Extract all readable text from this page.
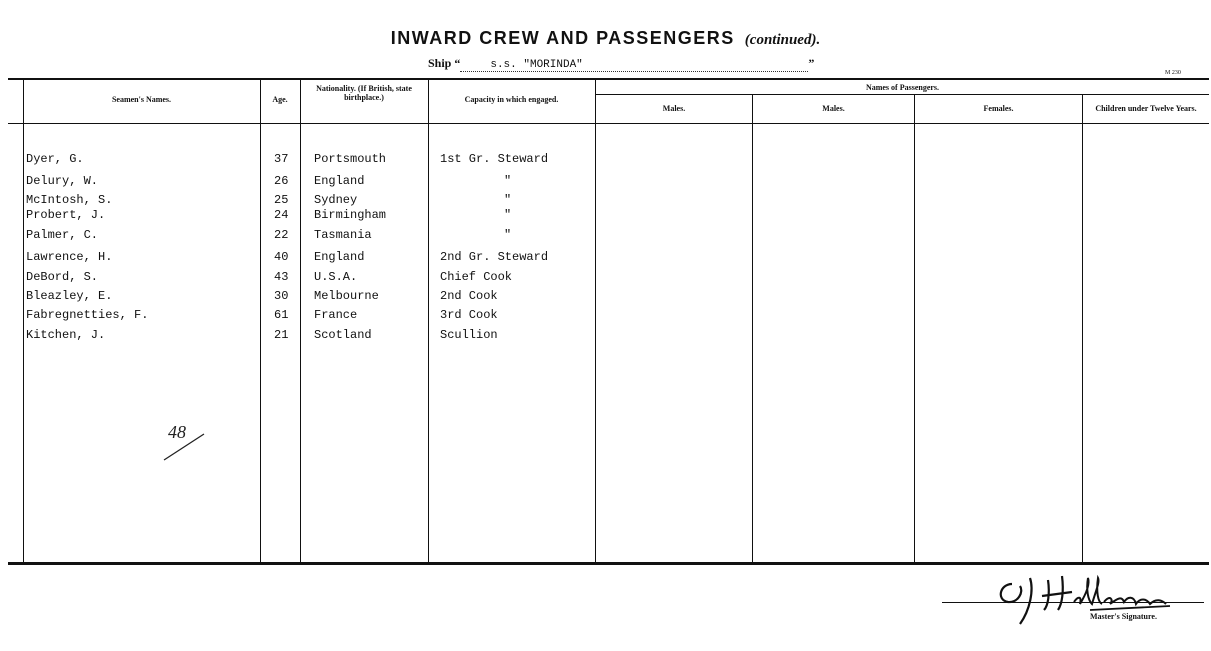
INWARD CREW AND PASSENGERS (continued).
Ship “	s.s. "MORINDA"	”
M 230
Seamen's Names.	Age.
Nationality. (If British, state birthplace.)	Capacity in which engaged.
Names of Passengers.
Males.	Males.	Females.	Children under Twelve Years.
Dyer, G.	37 Portsmouth	1st Gr. Steward
Delury, W.	26 England	"
McIntosh, S.	25 Sydney	"
Probert, J.	24 Birmingham	"
Palmer, C.	22 Tasmania	"
Lawrence, H.	40 England	2nd Gr. Steward
DeBord, S.	43 U.S.A.	Chief Cook
Bleazley, E.	30 Melbourne	2nd Cook
Fabregnetties, F.	61 France	3rd Cook
Kitchen, J.	21 Scotland	Scullion
48
Master's Signature.
